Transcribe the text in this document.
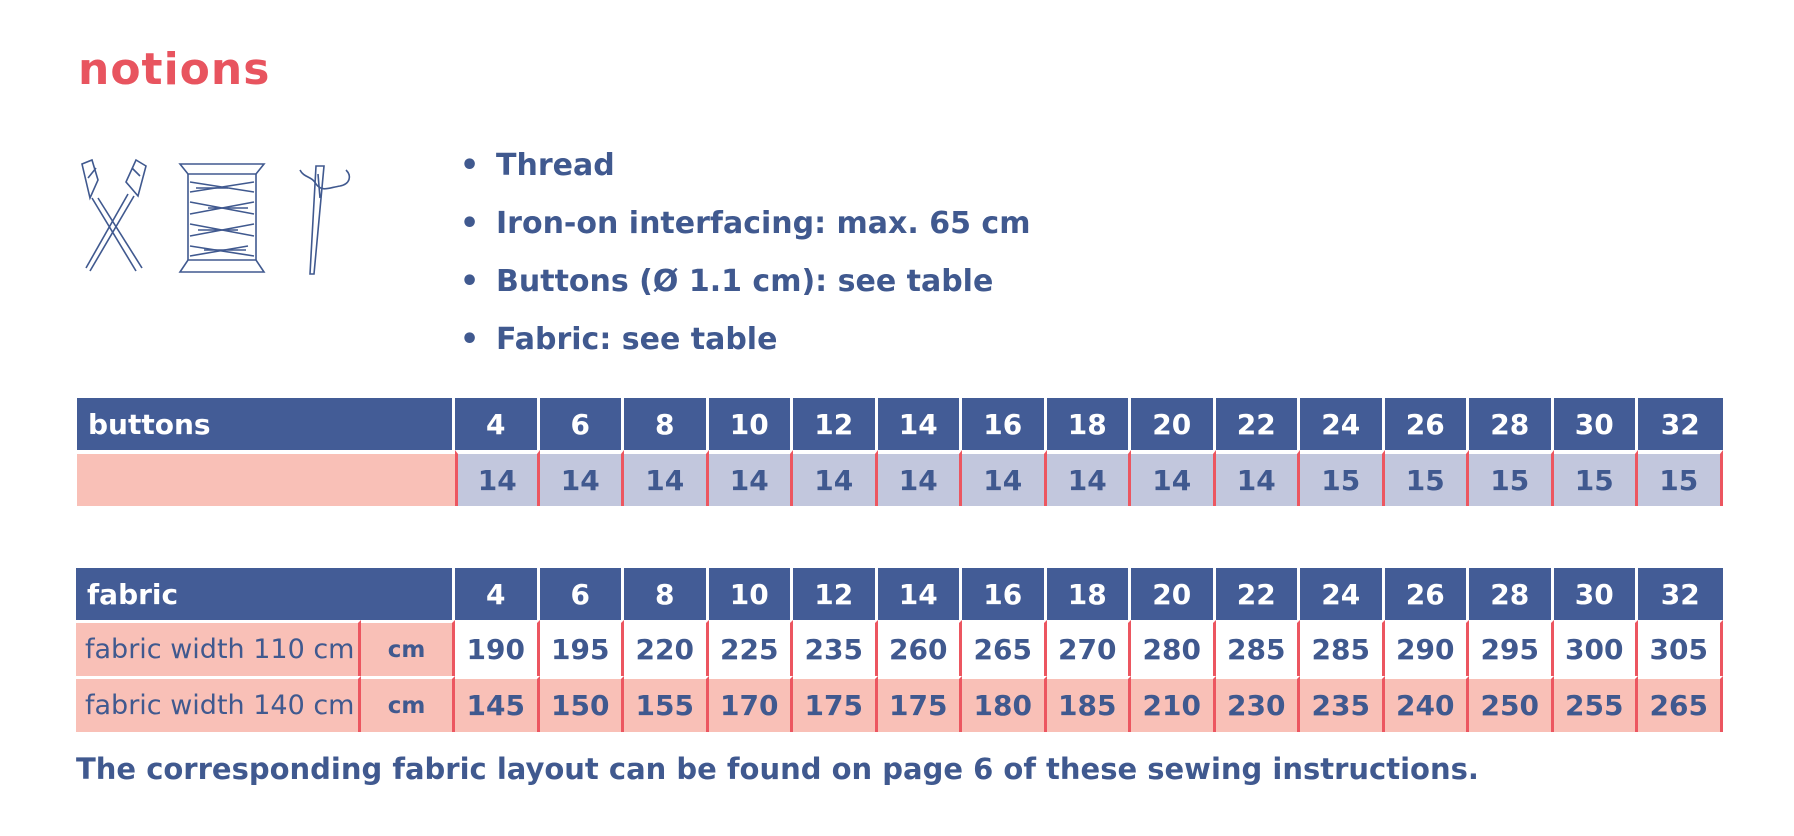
notions
• Thread
• Iron-on interfacing: max. 65 cm
• Buttons (Ø 1.1 cm): see table
• Fabric: see table
buttons	4	6	8	10	12	14	16	18	20	22	24	26	28	30	32
	14	14	14	14	14	14	14	14	14	14	15	15	15	15	15
fabric		4	6	8	10	12	14	16	18	20	22	24	26	28	30	32
fabric width 110 cm	cm	190	195	220	225	235	260	265	270	280	285	285	290	295	300	305
fabric width 140 cm	cm	145	150	155	170	175	175	180	185	210	230	235	240	250	255	265
The corresponding fabric layout can be found on page 6 of these sewing instructions.
